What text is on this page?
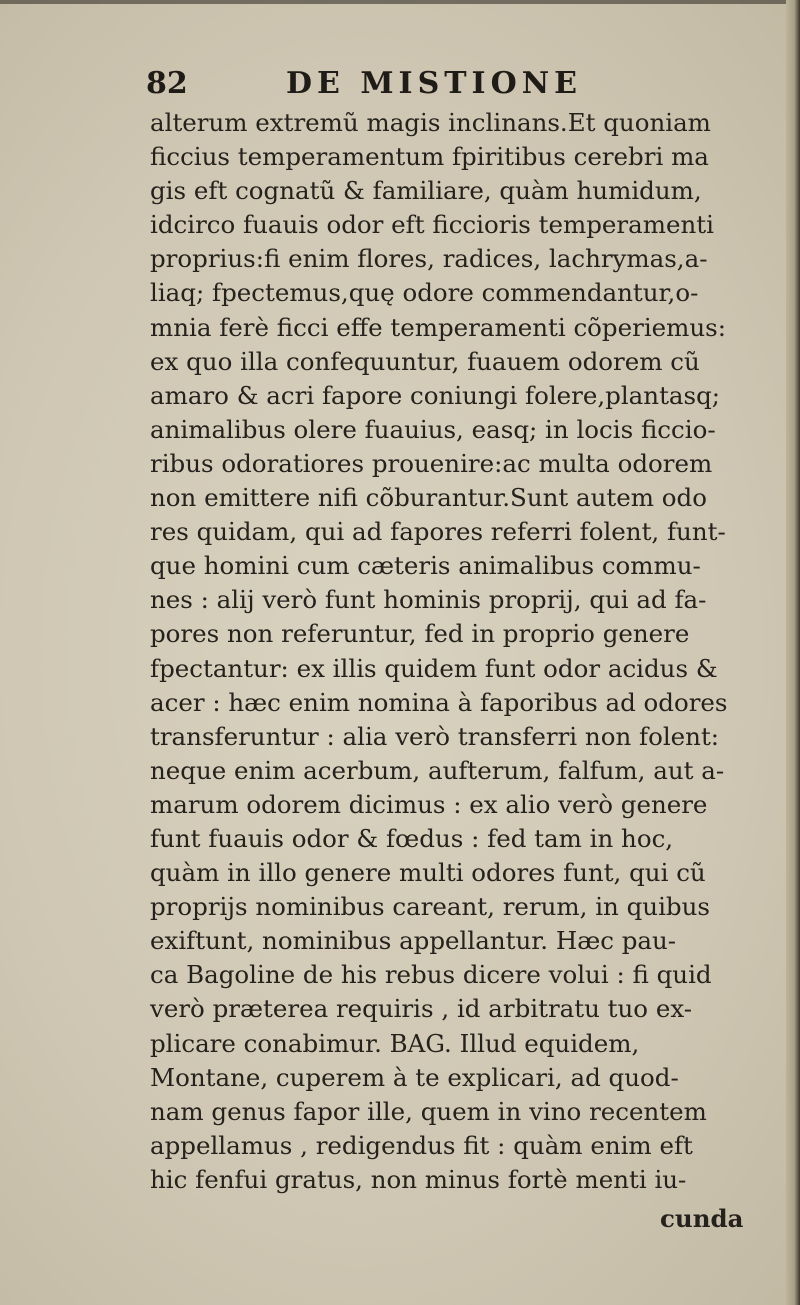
82	DE MISTIONE
alterum extremũ magis inclinans.Et quoniam
ficcius temperamentum fpiritibus cerebri ma
gis eft cognatũ & familiare, quàm humidum,
idcirco fuauis odor eft ficcioris temperamenti
proprius:fi enim flores, radices, lachrymas,a-
liaq; fpectemus,quę odore commendantur,o-
mnia ferè ficci effe temperamenti cõperiemus:
ex quo illa confequuntur, fuauem odorem cũ
amaro & acri fapore coniungi folere,plantasq;
animalibus olere fuauius, easq; in locis ficcio-
ribus odoratiores prouenire:ac multa odorem
non emittere nifi cõburantur.Sunt autem odo
res quidam, qui ad fapores referri folent, funt-
que homini cum cæteris animalibus commu-
nes : alij verò funt hominis proprij, qui ad fa-
pores non referuntur, fed in proprio genere
fpectantur: ex illis quidem funt odor acidus &
acer : hæc enim nomina à faporibus ad odores
transferuntur : alia verò transferri non folent:
neque enim acerbum, aufterum, falfum, aut a-
marum odorem dicimus : ex alio verò genere
funt fuauis odor & fœdus : fed tam in hoc,
quàm in illo genere multi odores funt, qui cũ
proprijs nominibus careant, rerum, in quibus
exiftunt, nominibus appellantur. Hæc pau-
ca Bagoline de his rebus dicere volui : fi quid
verò præterea requiris , id arbitratu tuo ex-
plicare conabimur. BAG. Illud equidem,
Montane, cuperem à te explicari, ad quod-
nam genus fapor ille, quem in vino recentem
appellamus , redigendus fit : quàm enim eft
hic fenfui gratus, non minus fortè menti iu-
cunda
